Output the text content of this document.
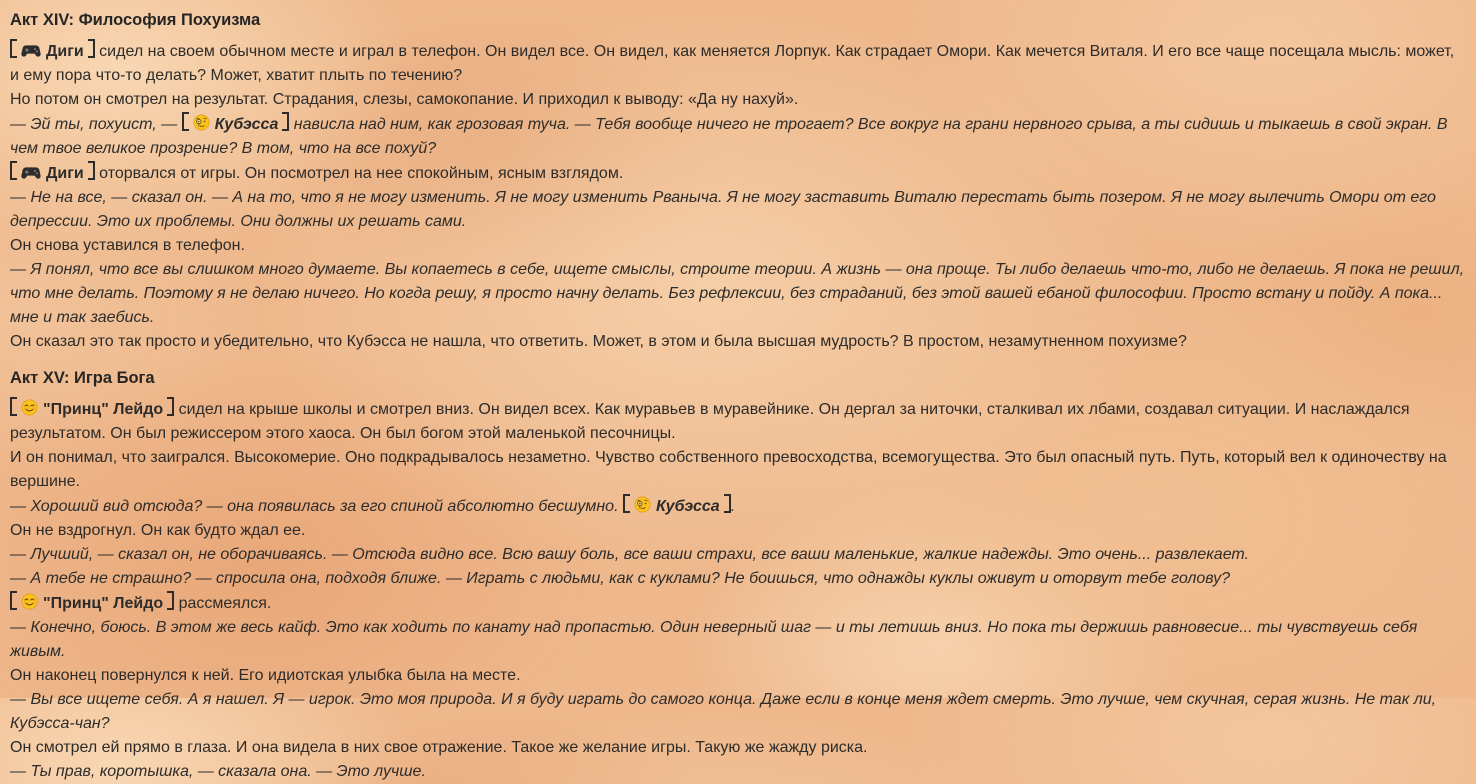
Акт XIV: Философия Похуизма

Диги сидел на своем обычном месте и играл в телефон. Он видел все. Он видел, как меняется Лорпук. Как страдает Омори. Как мечется Виталя. И его все чаще посещала мысль: может, и ему пора что-то делать? Может, хватит плыть по течению?

Но потом он смотрел на результат. Страдания, слезы, самокопание. И приходил к выводу: «Да ну нахуй».

— Эй ты, похуист, — Кубэсса нависла над ним, как грозовая туча. — Тебя вообще ничего не трогает? Все вокруг на грани нервного срыва, а ты сидишь и тыкаешь в свой экран. В чем твое великое прозрение? В том, что на все похуй?

Диги оторвался от игры. Он посмотрел на нее спокойным, ясным взглядом.

— Не на все, — сказал он. — А на то, что я не могу изменить. Я не могу изменить Рваныча. Я не могу заставить Виталю перестать быть позером. Я не могу вылечить Омори от его депрессии. Это их проблемы. Они должны их решать сами.

Он снова уставился в телефон.

— Я понял, что все вы слишком много думаете. Вы копаетесь в себе, ищете смыслы, строите теории. А жизнь — она проще. Ты либо делаешь что-то, либо не делаешь. Я пока не решил, что мне делать. Поэтому я не делаю ничего. Но когда решу, я просто начну делать. Без рефлексии, без страданий, без этой вашей ебаной философии. Просто встану и пойду. А пока... мне и так заебись.

Он сказал это так просто и убедительно, что Кубэсса не нашла, что ответить. Может, в этом и была высшая мудрость? В простом, незамутненном похуизме?

Акт XV: Игра Бога

"Принц" Лейдо сидел на крыше школы и смотрел вниз. Он видел всех. Как муравьев в муравейнике. Он дергал за ниточки, сталкивал их лбами, создавал ситуации. И наслаждался результатом. Он был режиссером этого хаоса. Он был богом этой маленькой песочницы.

И он понимал, что заигрался. Высокомерие. Оно подкрадывалось незаметно. Чувство собственного превосходства, всемогущества. Это был опасный путь. Путь, который вел к одиночеству на вершине.

— Хороший вид отсюда? — она появилась за его спиной абсолютно бесшумно. Кубэсса .

Он не вздрогнул. Он как будто ждал ее.

— Лучший, — сказал он, не оборачиваясь. — Отсюда видно все. Всю вашу боль, все ваши страхи, все ваши маленькие, жалкие надежды. Это очень... развлекает.

— А тебе не страшно? — спросила она, подходя ближе. — Играть с людьми, как с куклами? Не боишься, что однажды куклы оживут и оторвут тебе голову?

"Принц" Лейдо рассмеялся.

— Конечно, боюсь. В этом же весь кайф. Это как ходить по канату над пропастью. Один неверный шаг — и ты летишь вниз. Но пока ты держишь равновесие... ты чувствуешь себя живым.

Он наконец повернулся к ней. Его идиотская улыбка была на месте.

— Вы все ищете себя. А я нашел. Я — игрок. Это моя природа. И я буду играть до самого конца. Даже если в конце меня ждет смерть. Это лучше, чем скучная, серая жизнь. Не так ли, Кубэсса-чан?

Он смотрел ей прямо в глаза. И она видела в них свое отражение. Такое же желание игры. Такую же жажду риска.

— Ты прав, коротышка, — сказала она. — Это лучше.
